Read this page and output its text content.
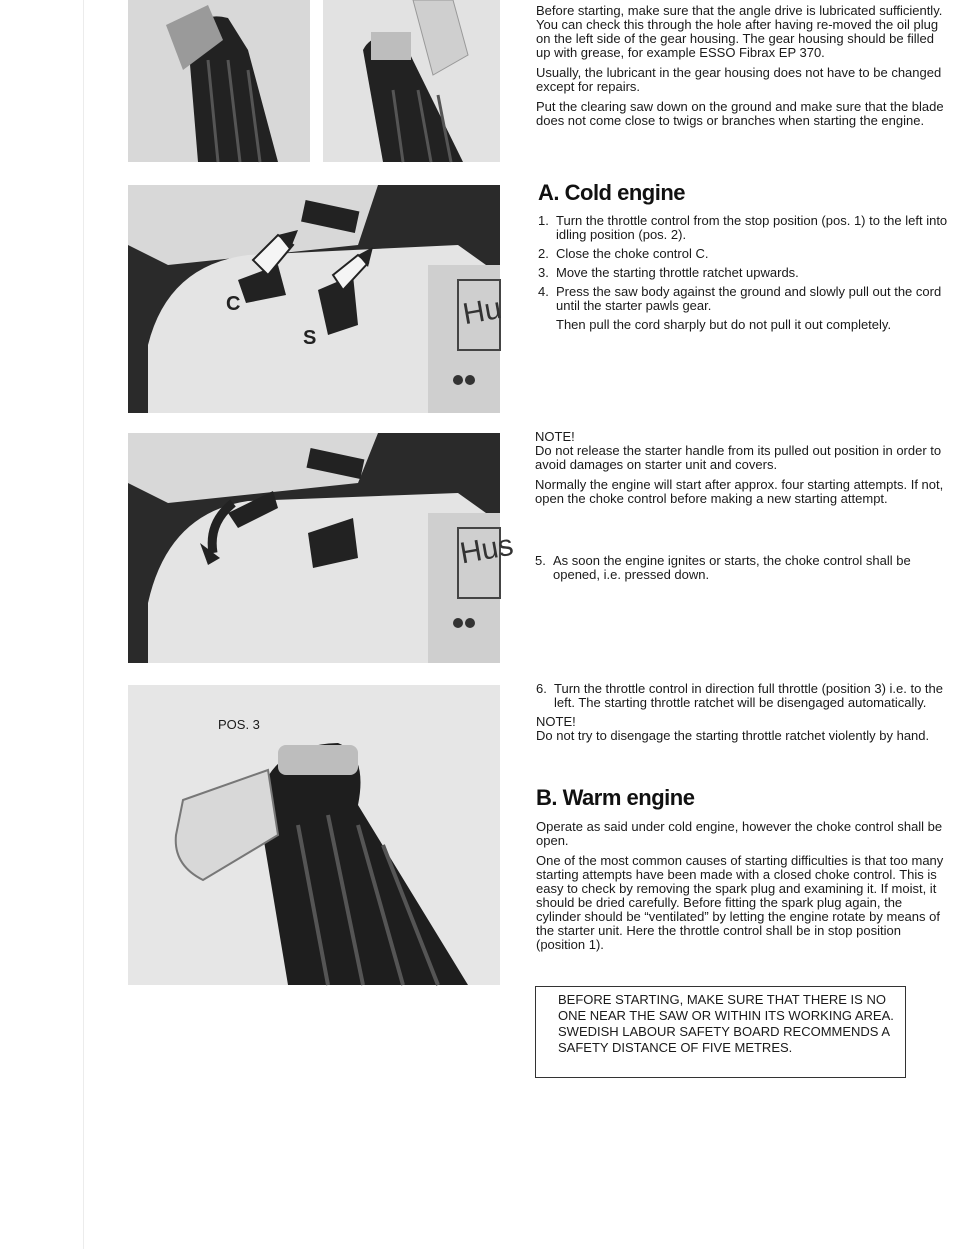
Before starting, make sure that the angle drive is lubricated sufficiently. You can check this through the hole after having re-moved the oil plug on the left side of the gear housing. The gear housing should be filled up with grease, for example ESSO Fibrax EP 370.

Usually, the lubricant in the gear housing does not have to be changed except for repairs.

Put the clearing saw down on the ground and make sure that the blade does not come close to twigs or branches when starting the engine.

C
S
Hu
A. Cold engine
1. Turn the throttle control from the stop position (pos. 1) to the left into idling position (pos. 2).
2. Close the choke control C.
3. Move the starting throttle ratchet upwards.
4. Press the saw body against the ground and slowly pull out the cord until the starter pawls gear.
Then pull the cord sharply but do not pull it out completely.
Hus

NOTE!

Do not release the starter handle from its pulled out position in order to avoid damages on starter unit and covers.

Normally the engine will start after approx. four starting attempts. If not, open the choke control before making a new starting attempt.

5. As soon the engine ignites or starts, the choke control shall be opened, i.e. pressed down.
POS. 3
6. Turn the throttle control in direction full throttle (position 3) i.e. to the left. The starting throttle ratchet will be disengaged automatically.

NOTE!

Do not try to disengage the starting throttle ratchet violently by hand.

B. Warm engine

Operate as said under cold engine, however the choke control shall be open.

One of the most common causes of starting difficulties is that too many starting attempts have been made with a closed choke control. This is easy to check by removing the spark plug and examining it. If moist, it should be dried carefully. Before fitting the spark plug again, the cylinder should be “ventilated” by letting the engine rotate by means of the starter unit. Here the throttle control shall be in stop position (position 1).

BEFORE STARTING, MAKE SURE THAT THERE IS NO ONE NEAR THE SAW OR WITHIN ITS WORKING AREA. SWEDISH LABOUR SAFETY BOARD RECOMMENDS A SAFETY DISTANCE OF FIVE METRES.
